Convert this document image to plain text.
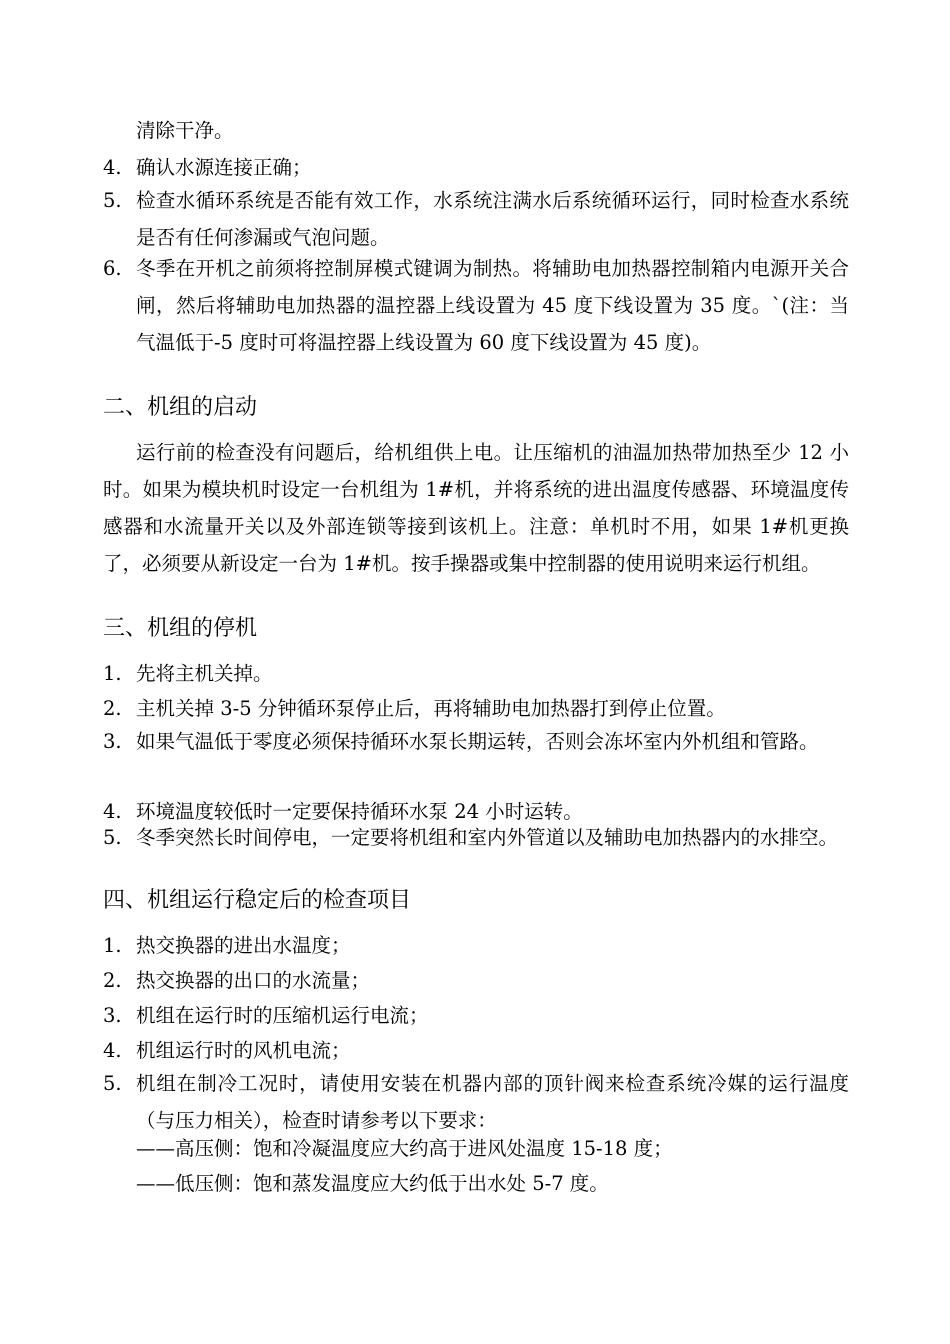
清除干净。
4. 确认水源连接正确；
5. 检查水循环系统是否能有效工作，水系统注满水后系统循环运行，同时检查水系统是否有任何渗漏或气泡问题。
6. 冬季在开机之前须将控制屏模式键调为制热。将辅助电加热器控制箱内电源开关合闸，然后将辅助电加热器的温控器上线设置为 45 度下线设置为 35 度。`(注：当气温低于-5 度时可将温控器上线设置为 60 度下线设置为 45 度)。
二、机组的启动

运行前的检查没有问题后，给机组供上电。让压缩机的油温加热带加热至少 12 小时。如果为模块机时设定一台机组为 1#机，并将系统的进出温度传感器、环境温度传感器和水流量开关以及外部连锁等接到该机上。注意：单机时不用，如果 1#机更换了，必须要从新设定一台为 1#机。按手操器或集中控制器的使用说明来运行机组。

三、机组的停机
1. 先将主机关掉。
2. 主机关掉 3-5 分钟循环泵停止后，再将辅助电加热器打到停止位置。
3. 如果气温低于零度必须保持循环水泵长期运转，否则会冻坏室内外机组和管路。
4. 环境温度较低时一定要保持循环水泵 24 小时运转。
5. 冬季突然长时间停电，一定要将机组和室内外管道以及辅助电加热器内的水排空。
四、机组运行稳定后的检查项目
1. 热交换器的进出水温度；
2. 热交换器的出口的水流量；
3. 机组在运行时的压缩机运行电流；
4. 机组运行时的风机电流；
5. 机组在制冷工况时，请使用安装在机器内部的顶针阀来检查系统冷媒的运行温度（与压力相关），检查时请参考以下要求：
——高压侧：饱和冷凝温度应大约高于进风处温度 15-18 度；
——低压侧：饱和蒸发温度应大约低于出水处 5-7 度。
